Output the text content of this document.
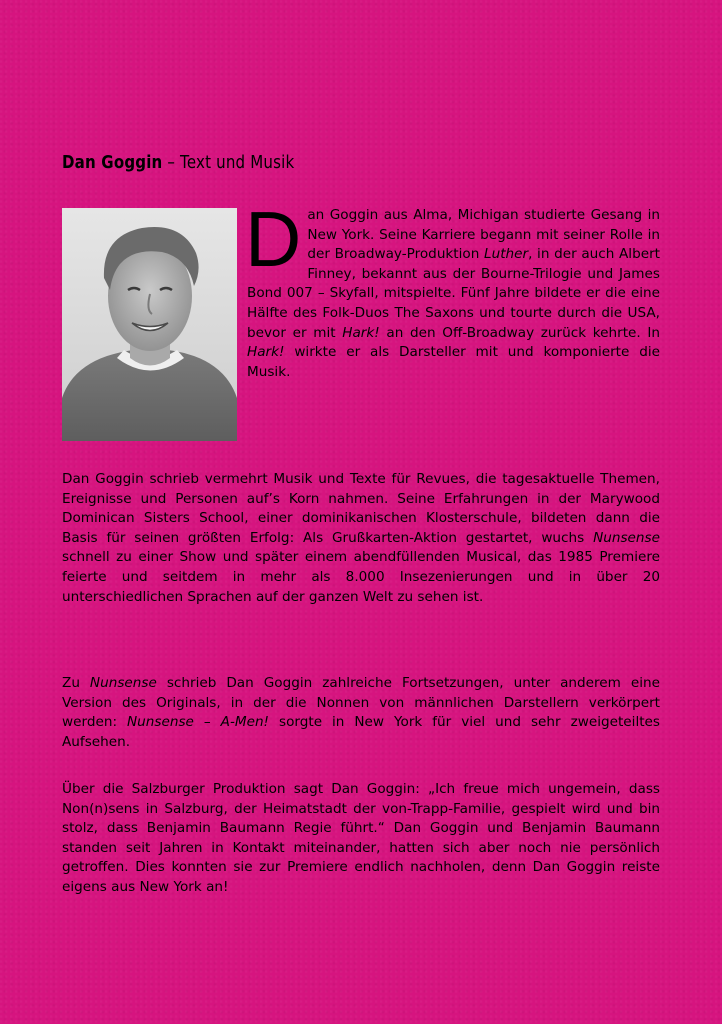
Dan Goggin – Text und Musik

Dan Goggin aus Alma, Michigan studierte Gesang in New York. Seine Karriere begann mit seiner Rolle in der Broadway-Produktion Luther, in der auch Albert Finney, bekannt aus der Bourne-Trilogie und James Bond 007 – Skyfall, mitspielte. Fünf Jahre bildete er die eine Hälfte des Folk-Duos The Saxons und tourte durch die USA, bevor er mit Hark! an den Off-Broadway zurück kehrte. In Hark! wirkte er als Darsteller mit und komponierte die Musik.

Dan Goggin schrieb vermehrt Musik und Texte für Revues, die tagesaktuelle Themen, Ereignisse und Personen auf’s Korn nahmen. Seine Erfahrungen in der Marywood Dominican Sisters School, einer dominikanischen Klosterschule, bildeten dann die Basis für seinen größten Erfolg: Als Grußkarten-Aktion gestartet, wuchs Nunsense schnell zu einer Show und später einem abendfüllenden Musical, das 1985 Premiere feierte und seitdem in mehr als 8.000 Insezenierungen und in über 20 unterschiedlichen Sprachen auf der ganzen Welt zu sehen ist.

Zu Nunsense schrieb Dan Goggin zahlreiche Fortsetzungen, unter anderem eine Version des Originals, in der die Nonnen von männlichen Darstellern verkörpert werden: Nunsense – A-Men! sorgte in New York für viel und sehr zweigeteiltes Aufsehen.

Über die Salzburger Produktion sagt Dan Goggin: „Ich freue mich ungemein, dass Non(n)sens in Salzburg, der Heimatstadt der von-Trapp-Familie, gespielt wird und bin stolz, dass Benjamin Baumann Regie führt.“ Dan Goggin und Benjamin Baumann standen seit Jahren in Kontakt miteinander, hatten sich aber noch nie persönlich getroffen. Dies konnten sie zur Premiere endlich nachholen, denn Dan Goggin reiste eigens aus New York an!
